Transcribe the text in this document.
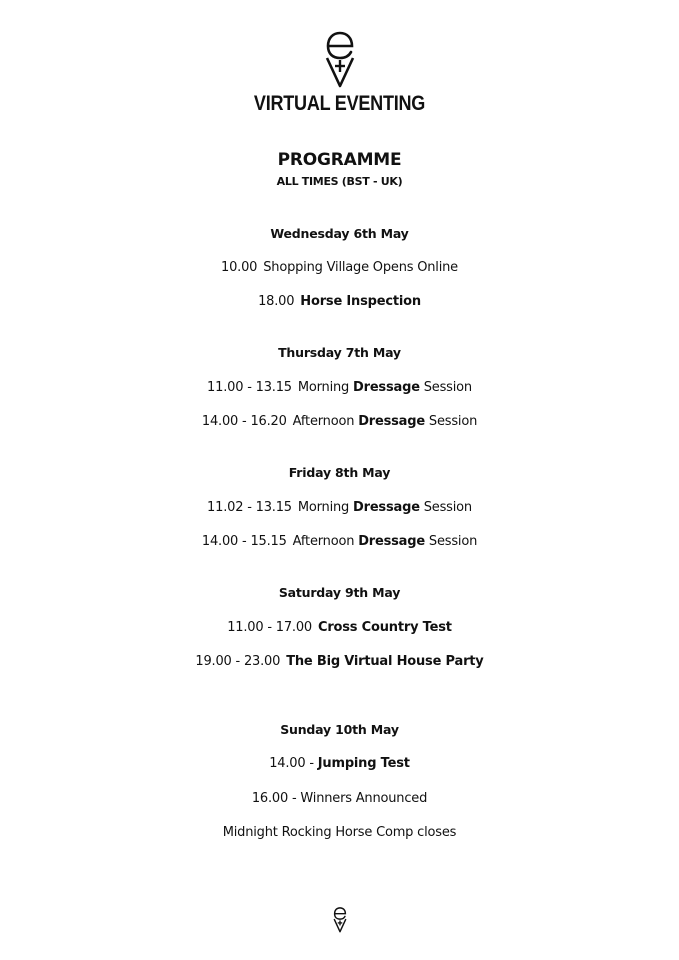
VIRTUAL EVENTING
PROGRAMME
ALL TIMES (BST - UK)
Wednesday 6th May
10.00 Shopping Village Opens Online
18.00 Horse Inspection
Thursday 7th May
11.00 - 13.15 Morning Dressage Session
14.00 - 16.20 Afternoon Dressage Session
Friday 8th May
11.02 - 13.15 Morning Dressage Session
14.00 - 15.15 Afternoon Dressage Session
Saturday 9th May
11.00 - 17.00 Cross Country Test
19.00 - 23.00 The Big Virtual House Party
Sunday 10th May
14.00 - Jumping Test
16.00 - Winners Announced
Midnight Rocking Horse Comp closes
